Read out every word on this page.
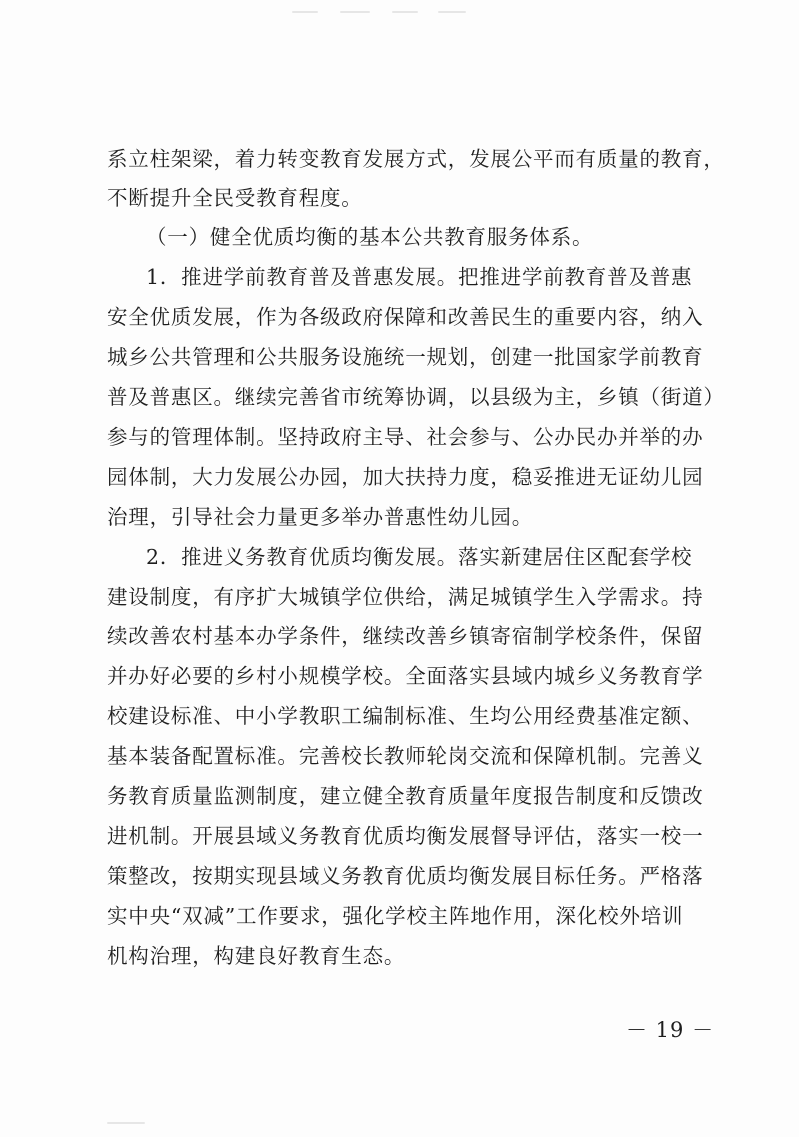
系立柱架梁，着力转变教育发展方式，发展公平而有质量的教育，
不断提升全民受教育程度。
（一）健全优质均衡的基本公共教育服务体系。
1．推进学前教育普及普惠发展。把推进学前教育普及普惠
安全优质发展，作为各级政府保障和改善民生的重要内容，纳入
城乡公共管理和公共服务设施统一规划，创建一批国家学前教育
普及普惠区。继续完善省市统筹协调，以县级为主，乡镇（街道）
参与的管理体制。坚持政府主导、社会参与、公办民办并举的办
园体制，大力发展公办园，加大扶持力度，稳妥推进无证幼儿园
治理，引导社会力量更多举办普惠性幼儿园。
2．推进义务教育优质均衡发展。落实新建居住区配套学校
建设制度，有序扩大城镇学位供给，满足城镇学生入学需求。持
续改善农村基本办学条件，继续改善乡镇寄宿制学校条件，保留
并办好必要的乡村小规模学校。全面落实县域内城乡义务教育学
校建设标准、中小学教职工编制标准、生均公用经费基准定额、
基本装备配置标准。完善校长教师轮岗交流和保障机制。完善义
务教育质量监测制度，建立健全教育质量年度报告制度和反馈改
进机制。开展县域义务教育优质均衡发展督导评估，落实一校一
策整改，按期实现县域义务教育优质均衡发展目标任务。严格落
实中央“双减”工作要求，强化学校主阵地作用，深化校外培训
机构治理，构建良好教育生态。
－ 19 －
